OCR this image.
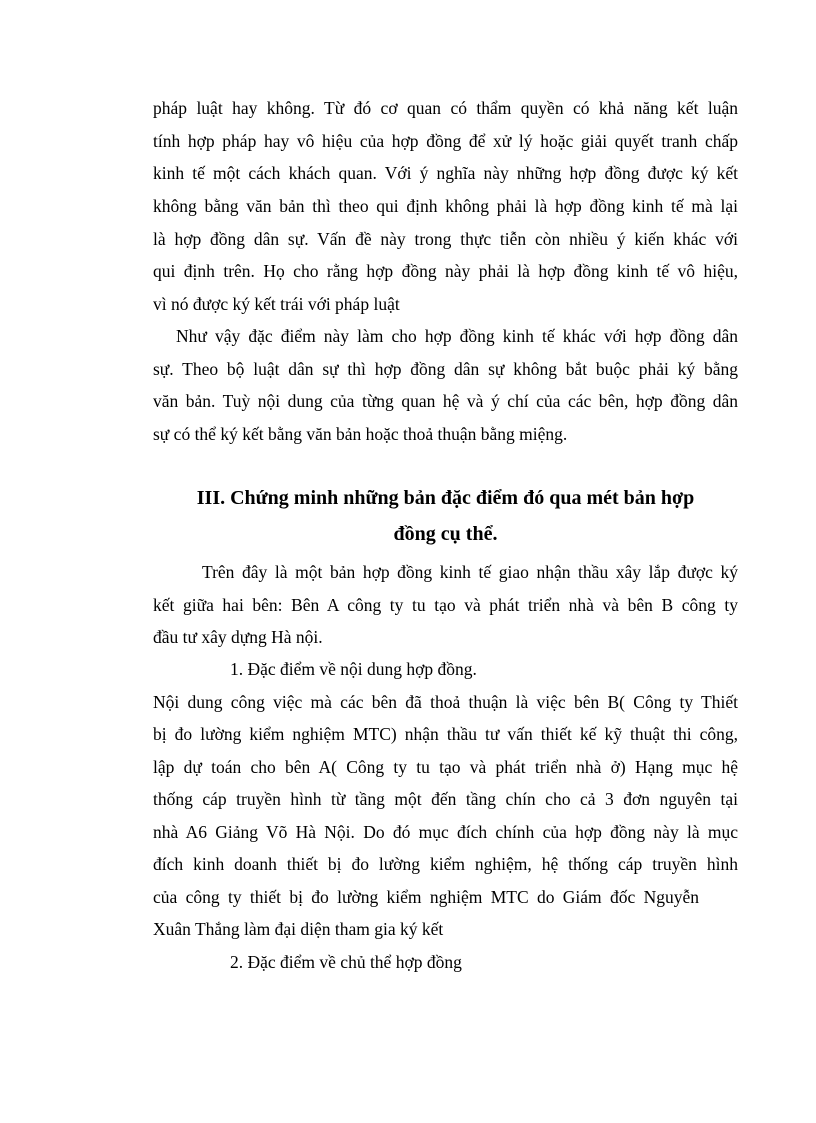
pháp luật hay không. Từ đó cơ quan có thẩm quyền có khả năng kết luận
tính hợp pháp hay vô hiệu của hợp đồng để xử lý hoặc giải quyết tranh chấp
kinh tế một cách khách quan. Với ý nghĩa này những hợp đồng được ký kết
không bằng văn bản thì theo qui định không phải là hợp đồng kinh tế mà lại
là hợp đồng dân sự. Vấn đề này trong thực tiễn còn nhiều ý kiến khác với
qui định trên. Họ cho rằng hợp đồng này phải là hợp đồng kinh tế vô hiệu,
vì nó được ký kết trái với pháp luật
Như vậy đặc điểm này làm cho hợp đồng kinh tế khác với hợp đồng dân
sự. Theo bộ luật dân sự thì hợp đồng dân sự không bắt buộc phải ký bằng
văn bản. Tuỳ nội dung của từng quan hệ và ý chí của các bên, hợp đồng dân
sự có thể ký kết bằng văn bản hoặc thoả thuận bằng miệng.
III. Chứng minh những bản đặc điểm đó qua mét bản hợp
đồng cụ thể.
Trên đây là một bản hợp đồng kinh tế giao nhận thầu xây lắp được ký
kết giữa hai bên: Bên A công ty tu tạo và phát triển nhà và bên B công ty
đầu tư xây dựng Hà nội.
1. Đặc điểm về nội dung hợp đồng.
Nội dung công việc mà các bên đã thoả thuận là việc bên B( Công ty Thiết
bị đo lường kiểm nghiệm MTC) nhận thầu tư vấn thiết kế kỹ thuật thi công,
lập dự toán cho bên A( Công ty tu tạo và phát triển nhà ở) Hạng mục hệ
thống cáp truyền hình từ tầng một đến tầng chín cho cả 3 đơn nguyên tại
nhà A6 Giảng Võ Hà Nội. Do đó mục đích chính của hợp đồng này là mục
đích kinh doanh thiết bị đo lường kiểm nghiệm, hệ thống cáp truyền hình
của công ty thiết bị đo lường kiểm nghiệm MTC do Giám đốc Nguyễn
Xuân Thắng làm đại diện tham gia ký kết
2. Đặc điểm về chủ thể hợp đồng
